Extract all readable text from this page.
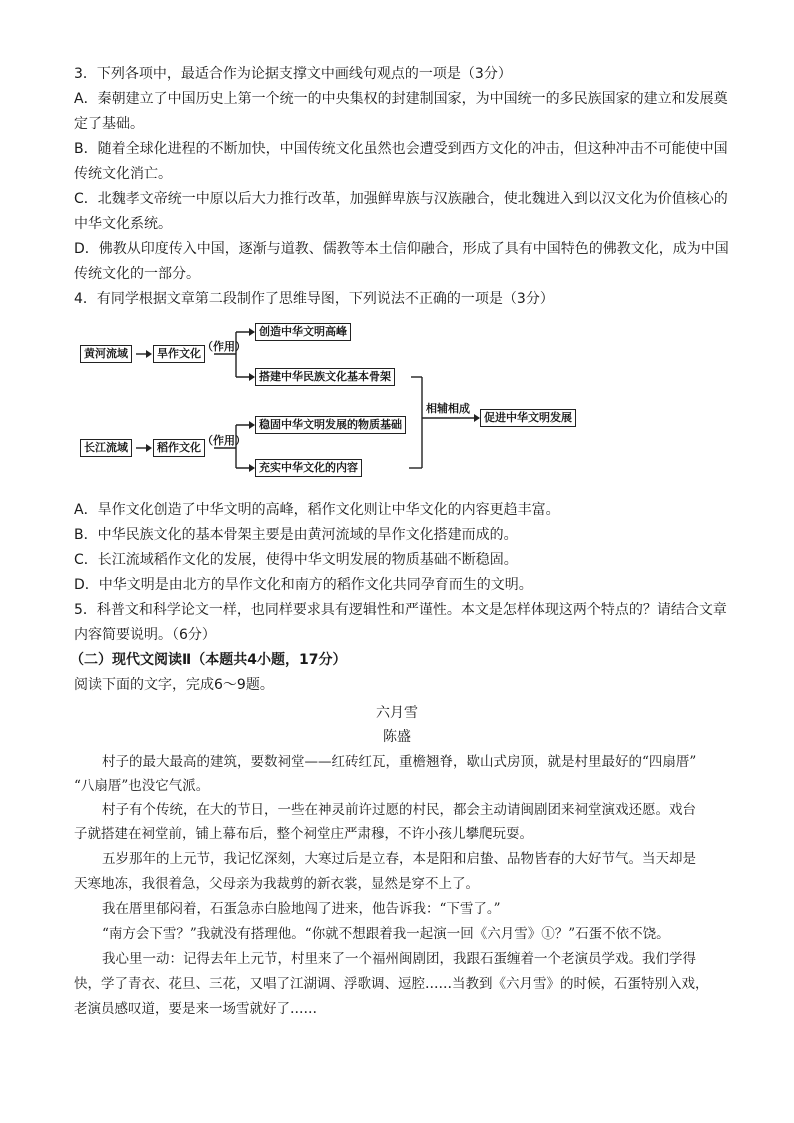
3．下列各项中，最适合作为论据支撑文中画线句观点的一项是（3分）
A．秦朝建立了中国历史上第一个统一的中央集权的封建制国家，为中国统一的多民族国家的建立和发展奠
定了基础。
B．随着全球化进程的不断加快，中国传统文化虽然也会遭受到西方文化的冲击，但这种冲击不可能使中国
传统文化消亡。
C．北魏孝文帝统一中原以后大力推行改革，加强鲜卑族与汉族融合，使北魏进入到以汉文化为价值核心的
中华文化系统。
D．佛教从印度传入中国，逐渐与道教、儒教等本土信仰融合，形成了具有中国特色的佛教文化，成为中国
传统文化的一部分。
4．有同学根据文章第二段制作了思维导图，下列说法不正确的一项是（3分）
黄河流域	旱作文化
（作用）
创造中华文明高峰
搭建中华民族文化基本骨架
长江流域	稻作文化
（作用）
稳固中华文明发展的物质基础
充实中华文化的内容
相辅相成
促进中华文明发展
A．旱作文化创造了中华文明的高峰，稻作文化则让中华文化的内容更趋丰富。
B．中华民族文化的基本骨架主要是由黄河流域的旱作文化搭建而成的。
C．长江流域稻作文化的发展，使得中华文明发展的物质基础不断稳固。
D．中华文明是由北方的旱作文化和南方的稻作文化共同孕育而生的文明。
5．科普文和科学论文一样，也同样要求具有逻辑性和严谨性。本文是怎样体现这两个特点的？请结合文章
内容简要说明。（6分）
（二）现代文阅读Ⅱ（本题共4小题，17分）
阅读下面的文字，完成6～9题。
六月雪
陈盛
村子的最大最高的建筑，要数祠堂——红砖红瓦，重檐翘脊，歇山式房顶，就是村里最好的“四扇厝”
“八扇厝”也没它气派。
村子有个传统，在大的节日，一些在神灵前许过愿的村民，都会主动请闽剧团来祠堂演戏还愿。戏台
子就搭建在祠堂前，铺上幕布后，整个祠堂庄严肃穆，不许小孩儿攀爬玩耍。
五岁那年的上元节，我记忆深刻，大寒过后是立春，本是阳和启蛰、品物皆春的大好节气。当天却是
天寒地冻，我很着急，父母亲为我裁剪的新衣裳，显然是穿不上了。
我在厝里郁闷着，石蛋急赤白脸地闯了进来，他告诉我：“下雪了。”
“南方会下雪？”我就没有搭理他。“你就不想跟着我一起演一回《六月雪》①？”石蛋不依不饶。
我心里一动：记得去年上元节，村里来了一个福州闽剧团，我跟石蛋缠着一个老演员学戏。我们学得
快，学了青衣、花旦、三花，又唱了江湖调、浮歌调、逗腔……当教到《六月雪》的时候，石蛋特别入戏，
老演员感叹道，要是来一场雪就好了……
